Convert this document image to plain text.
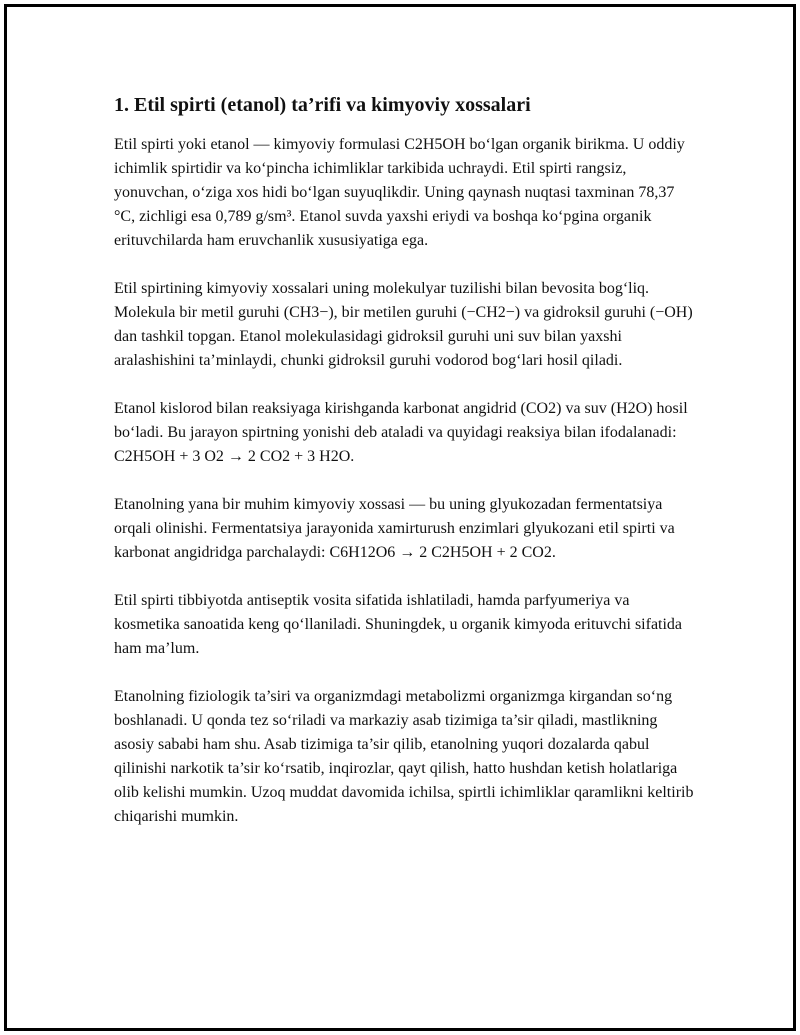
1. Etil spirti (etanol) ta’rifi va kimyoviy xossalari

Etil spirti yoki etanol — kimyoviy formulasi C2H5OH bo‘lgan organik birikma. U oddiy ichimlik spirtidir va ko‘pincha ichimliklar tarkibida uchraydi. Etil spirti rangsiz, yonuvchan, o‘ziga xos hidi bo‘lgan suyuqlikdir. Uning qaynash nuqtasi taxminan 78,37 °C, zichligi esa 0,789 g/sm³. Etanol suvda yaxshi eriydi va boshqa ko‘pgina organik erituvchilarda ham eruvchanlik xususiyatiga ega.

Etil spirtining kimyoviy xossalari uning molekulyar tuzilishi bilan bevosita bog‘liq. Molekula bir metil guruhi (CH3−), bir metilen guruhi (−CH2−) va gidroksil guruhi (−OH) dan tashkil topgan. Etanol molekulasidagi gidroksil guruhi uni suv bilan yaxshi aralashishini ta’minlaydi, chunki gidroksil guruhi vodorod bog‘lari hosil qiladi.

Etanol kislorod bilan reaksiyaga kirishganda karbonat angidrid (CO2) va suv (H2O) hosil bo‘ladi. Bu jarayon spirtning yonishi deb ataladi va quyidagi reaksiya bilan ifodalanadi: C2H5OH + 3 O2 → 2 CO2 + 3 H2O.

Etanolning yana bir muhim kimyoviy xossasi — bu uning glyukozadan fermentatsiya orqali olinishi. Fermentatsiya jarayonida xamirturush enzimlari glyukozani etil spirti va karbonat angidridga parchalaydi: C6H12O6 → 2 C2H5OH + 2 CO2.

Etil spirti tibbiyotda antiseptik vosita sifatida ishlatiladi, hamda parfyumeriya va kosmetika sanoatida keng qo‘llaniladi. Shuningdek, u organik kimyoda erituvchi sifatida ham ma’lum.

Etanolning fiziologik ta’siri va organizmdagi metabolizmi organizmga kirgandan so‘ng boshlanadi. U qonda tez so‘riladi va markaziy asab tizimiga ta’sir qiladi, mastlikning asosiy sababi ham shu. Asab tizimiga ta’sir qilib, etanolning yuqori dozalarda qabul qilinishi narkotik ta’sir ko‘rsatib, inqirozlar, qayt qilish, hatto hushdan ketish holatlariga olib kelishi mumkin. Uzoq muddat davomida ichilsa, spirtli ichimliklar qaramlikni keltirib chiqarishi mumkin.
